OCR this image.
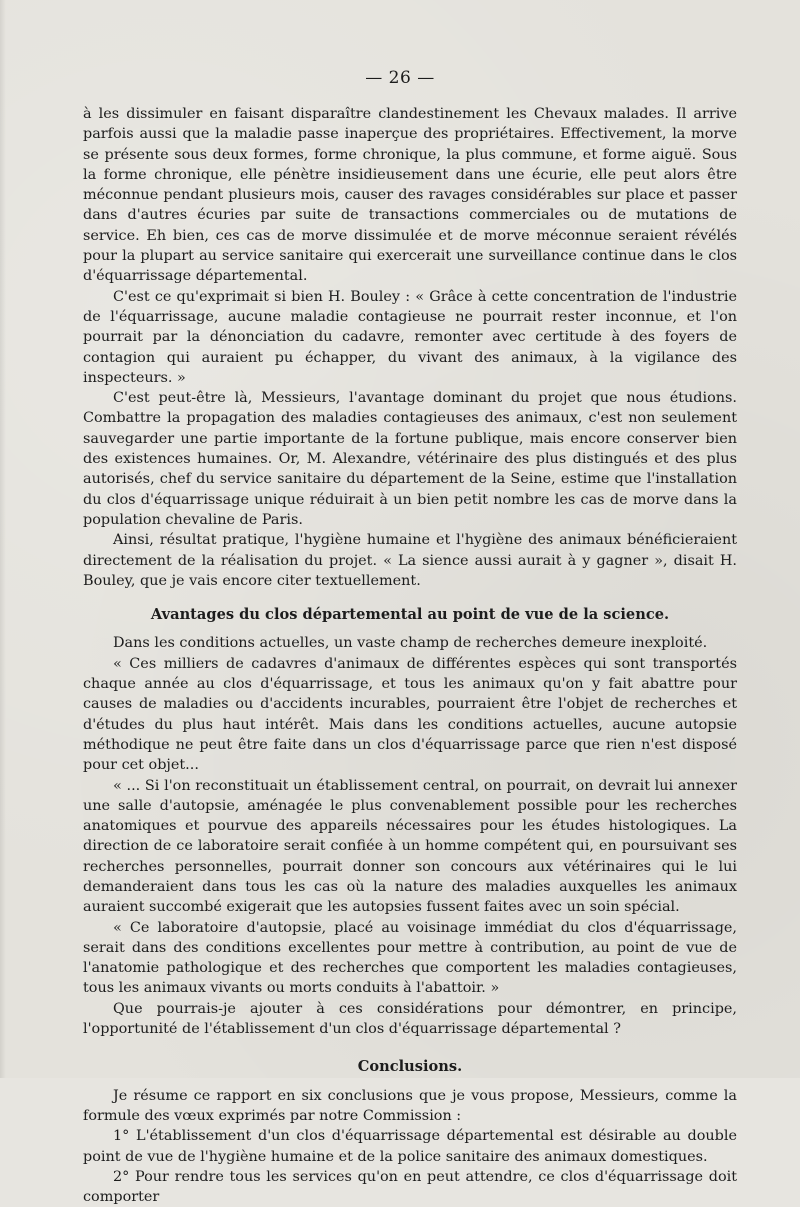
— 26 —

à les dissimuler en faisant disparaître clandestinement les Chevaux malades. Il arrive parfois aussi que la maladie passe inaperçue des propriétaires. Effectivement, la morve se présente sous deux formes, forme chronique, la plus commune, et forme aiguë. Sous la forme chronique, elle pénètre insidieusement dans une écurie, elle peut alors être méconnue pendant plusieurs mois, causer des ravages considérables sur place et passer dans d'autres écuries par suite de transactions commerciales ou de mutations de service. Eh bien, ces cas de morve dissimulée et de morve méconnue seraient révélés pour la plupart au service sanitaire qui exercerait une surveillance continue dans le clos d'équarrissage départemental.

C'est ce qu'exprimait si bien H. Bouley : « Grâce à cette concentration de l'industrie de l'équarrissage, aucune maladie contagieuse ne pourrait rester inconnue, et l'on pourrait par la dénonciation du cadavre, remonter avec certitude à des foyers de contagion qui auraient pu échapper, du vivant des animaux, à la vigilance des inspecteurs. »

C'est peut-être là, Messieurs, l'avantage dominant du projet que nous étudions. Combattre la propagation des maladies contagieuses des animaux, c'est non seulement sauvegarder une partie importante de la fortune publique, mais encore conserver bien des existences humaines. Or, M. Alexandre, vétérinaire des plus distingués et des plus autorisés, chef du service sanitaire du département de la Seine, estime que l'installation du clos d'équarrissage unique réduirait à un bien petit nombre les cas de morve dans la population chevaline de Paris.

Ainsi, résultat pratique, l'hygiène humaine et l'hygiène des animaux bénéficieraient directement de la réalisation du projet. « La sience aussi aurait à y gagner », disait H. Bouley, que je vais encore citer textuellement.

Avantages du clos départemental au point de vue de la science.

Dans les conditions actuelles, un vaste champ de recherches demeure inexploité.

« Ces milliers de cadavres d'animaux de différentes espèces qui sont transportés chaque année au clos d'équarrissage, et tous les animaux qu'on y fait abattre pour causes de maladies ou d'accidents incurables, pourraient être l'objet de recherches et d'études du plus haut intérêt. Mais dans les conditions actuelles, aucune autopsie méthodique ne peut être faite dans un clos d'équarrissage parce que rien n'est disposé pour cet objet...

« ... Si l'on reconstituait un établissement central, on pourrait, on devrait lui annexer une salle d'autopsie, aménagée le plus convenablement possible pour les recherches anatomiques et pourvue des appareils nécessaires pour les études histologiques. La direction de ce laboratoire serait confiée à un homme compétent qui, en poursuivant ses recherches personnelles, pourrait donner son concours aux vétérinaires qui le lui demanderaient dans tous les cas où la nature des maladies auxquelles les animaux auraient succombé exigerait que les autopsies fussent faites avec un soin spécial.

« Ce laboratoire d'autopsie, placé au voisinage immédiat du clos d'équarrissage, serait dans des conditions excellentes pour mettre à contribution, au point de vue de l'anatomie pathologique et des recherches que comportent les maladies contagieuses, tous les animaux vivants ou morts conduits à l'abattoir. »

Que pourrais-je ajouter à ces considérations pour démontrer, en principe, l'opportunité de l'établissement d'un clos d'équarrissage départemental ?

Conclusions.

Je résume ce rapport en six conclusions que je vous propose, Messieurs, comme la formule des vœux exprimés par notre Commission :

1° L'établissement d'un clos d'équarrissage départemental est désirable au double point de vue de l'hygiène humaine et de la police sanitaire des animaux domestiques.

2° Pour rendre tous les services qu'on en peut attendre, ce clos d'équarrissage doit comporter
